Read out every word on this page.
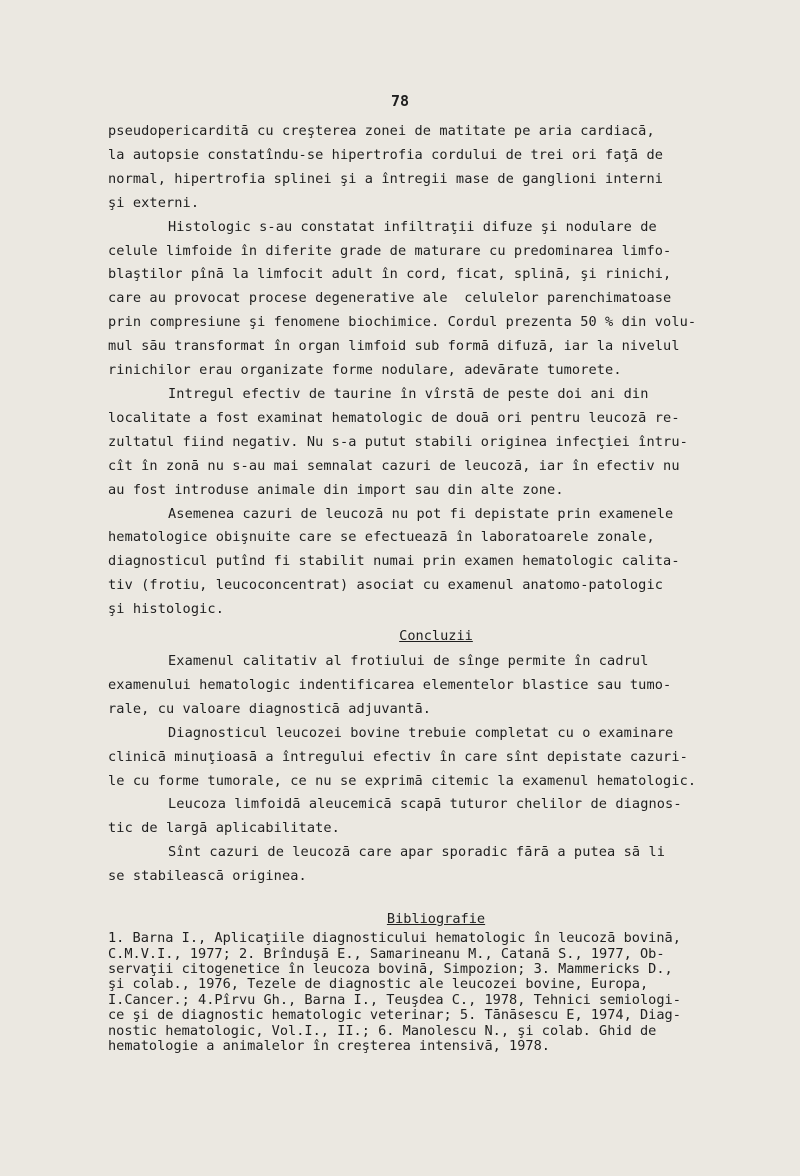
78
pseudopericarditā cu creşterea zonei de matitate pe aria cardiacā,
la autopsie constatîndu-se hipertrofia cordului de trei ori faţā de
normal, hipertrofia splinei şi a întregii mase de ganglioni interni
şi externi.
Histologic s-au constatat infiltraţii difuze şi nodulare de
celule limfoide în diferite grade de maturare cu predominarea limfo-
blaştilor pînā la limfocit adult în cord, ficat, splinā, şi rinichi,
care au provocat procese degenerative ale  celulelor parenchimatoase
prin compresiune şi fenomene biochimice. Cordul prezenta 50 % din volu-
mul sāu transformat în organ limfoid sub formā difuzā, iar la nivelul
rinichilor erau organizate forme nodulare, adevārate tumorete.
Intregul efectiv de taurine în vîrstā de peste doi ani din
localitate a fost examinat hematologic de douā ori pentru leucozā re-
zultatul fiind negativ. Nu s-a putut stabili originea infecţiei întru-
cît în zonā nu s-au mai semnalat cazuri de leucozā, iar în efectiv nu
au fost introduse animale din import sau din alte zone.
Asemenea cazuri de leucozā nu pot fi depistate prin examenele
hematologice obişnuite care se efectueazā în laboratoarele zonale,
diagnosticul putînd fi stabilit numai prin examen hematologic calita-
tiv (frotiu, leucoconcentrat) asociat cu examenul anatomo-patologic
şi histologic.
Concluzii
Examenul calitativ al frotiului de sînge permite în cadrul
examenului hematologic indentificarea elementelor blastice sau tumo-
rale, cu valoare diagnosticā adjuvantā.
Diagnosticul leucozei bovine trebuie completat cu o examinare
clinicā minuţioasā a întregului efectiv în care sînt depistate cazuri-
le cu forme tumorale, ce nu se exprimā citemic la examenul hematologic.
Leucoza limfoidā aleucemicā scapā tuturor chelilor de diagnos-
tic de largā aplicabilitate.
Sînt cazuri de leucozā care apar sporadic fārā a putea sā li
se stabileascā originea.
Bibliografie
1. Barna I., Aplicaţiile diagnosticului hematologic în leucozā bovinā,
C.M.V.I., 1977; 2. Brînduşā E., Samarineanu M., Catanā S., 1977, Ob-
servaţii citogenetice în leucoza bovinā, Simpozion; 3. Mammericks D.,
şi colab., 1976, Tezele de diagnostic ale leucozei bovine, Europa,
I.Cancer.; 4.Pîrvu Gh., Barna I., Teuşdea C., 1978, Tehnici semiologi-
ce şi de diagnostic hematologic veterinar; 5. Tānāsescu E, 1974, Diag-
nostic hematologic, Vol.I., II.; 6. Manolescu N., şi colab. Ghid de
hematologie a animalelor în creşterea intensivā, 1978.
